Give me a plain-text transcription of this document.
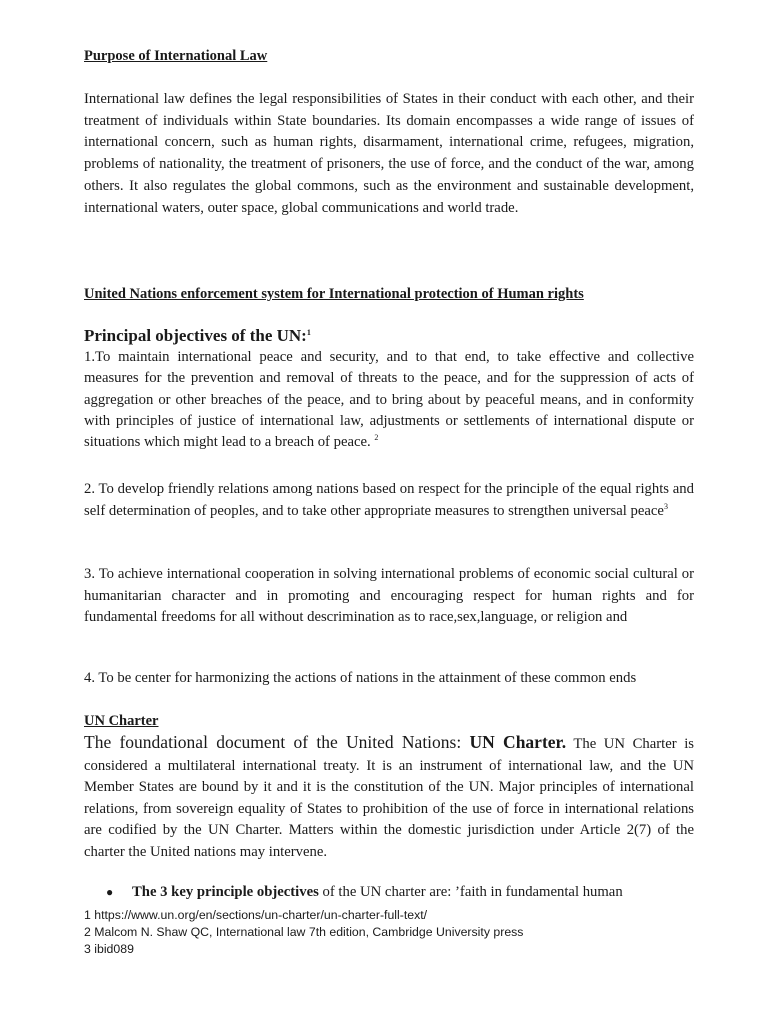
Purpose of International Law

International law defines the legal responsibilities of States in their conduct with each other, and their treatment of individuals within State boundaries. Its domain encompasses a wide range of issues of international concern, such as human rights, disarmament, international crime, refugees, migration, problems of nationality, the treatment of prisoners, the use of force, and the conduct of the war, among others. It also regulates the global commons, such as the environment and sustainable development, international waters, outer space, global communications and world trade.

United Nations enforcement system for International protection of Human rights

Principal objectives of the UN:$^1$

1.To maintain international peace and security, and to that end, to take effective and collective measures for the prevention and removal of threats to the peace, and for the suppression of acts of aggregation or other breaches of the peace, and to bring about by peaceful means, and in conformity with principles of justice of international law, adjustments or settlements of international dispute or situations which might lead to a breach of peace. $^2$

2. To develop friendly relations among nations based on respect for the principle of the equal rights and self determination of peoples, and to take other appropriate measures to strengthen universal peace$^3$

3. To achieve international cooperation in solving international problems of economic social cultural or humanitarian character and in promoting and encouraging respect for human rights and for fundamental freedoms for all without descrimination as to race,sex,language, or religion and

4. To be center for harmonizing the actions of nations in the attainment of these common ends

UN Charter

The foundational document of the United Nations: UN Charter. The UN Charter is considered a multilateral international treaty. It is an instrument of international law, and the UN Member States are bound by it and it is the constitution of the UN. Major principles of international relations, from sovereign equality of States to prohibition of the use of force in international relations are codified by the UN Charter. Matters within the domestic jurisdiction under Article 2(7) of the charter the United nations may intervene.

● The 3 key principle objectives of the UN charter are: ’faith in fundamental human

1 https://www.un.org/en/sections/un-charter/un-charter-full-text/
2 Malcom N. Shaw QC, International law 7th edition, Cambridge University press
3 ibid089
